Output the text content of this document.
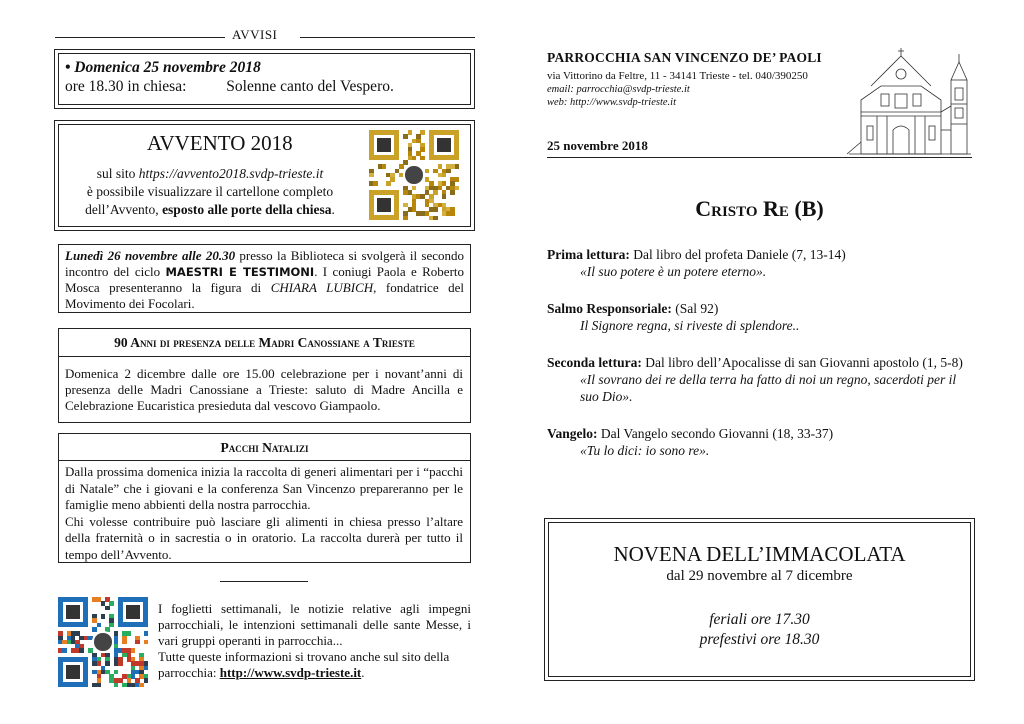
AVVISI

• Domenica 25 novembre 2018

ore 18.30 in chiesa:	Solenne canto del Vespero.

AVVENTO 2018

sul sito https://avvento2018.svdp-trieste.it

è possibile visualizzare il cartellone completo

dell’Avvento, esposto alle porte della chiesa.

Lunedì 26 novembre alle 20.30 presso la Biblioteca si svolgerà il secondo incontro del ciclo MAESTRI E TESTIMONI. I coniugi Paola e Roberto Mosca presenteranno la figura di CHIARA LUBICH, fondatrice del Movimento dei Focolari.

90 Anni di presenza delle Madri Canossiane a Trieste

Domenica 2 dicembre dalle ore 15.00 celebrazione per i novant’anni di presenza delle Madri Canossiane a Trieste: saluto di Madre Ancilla e Celebrazione Eucaristica presieduta dal vescovo Giampaolo.

Pacchi Natalizi

Dalla prossima domenica inizia la raccolta di generi alimentari per i “pacchi di Natale” che i giovani e la conferenza San Vincenzo prepareranno per le famiglie meno abbienti della nostra parrocchia.

Chi volesse contribuire può lasciare gli alimenti in chiesa presso l’altare della fraternità o in sacrestia o in oratorio. La raccolta durerà per tutto il tempo dell’Avvento.

I foglietti settimanali, le notizie relative agli impegni parrocchiali, le intenzioni settimanali delle sante Messe, i vari gruppi operanti in parrocchia...

Tutte queste informazioni si trovano anche sul sito della parrocchia: http://www.svdp-trieste.it.

PARROCCHIA SAN VINCENZO DE’ PAOLI
via Vittorino da Feltre, 11 - 34141 Trieste - tel. 040/390250
email: parrocchia@svdp-trieste.it
web: http://www.svdp-trieste.it
25 novembre 2018
Cristo Re (B)

Prima lettura: Dal libro del profeta Daniele (7, 13-14)

«Il suo potere è un potere eterno».

Salmo Responsoriale: (Sal 92)

Il Signore regna, si riveste di splendore..

Seconda lettura: Dal libro dell’Apocalisse di san Giovanni apostolo (1, 5-8)

«Il sovrano dei re della terra ha fatto di noi un regno, sacerdoti per il suo Dio».

Vangelo: Dal Vangelo secondo Giovanni (18, 33-37)

«Tu lo dici: io sono re».

NOVENA DELL’IMMACOLATA
dal 29 novembre al 7 dicembre
feriali ore 17.30
prefestivi ore 18.30
